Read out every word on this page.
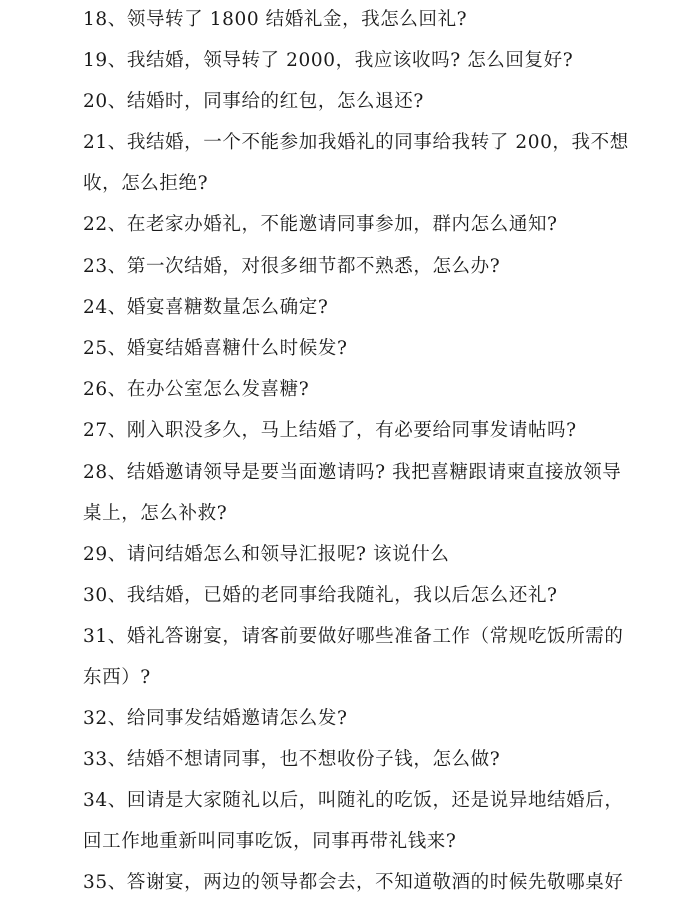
18、领导转了 1800 结婚礼金，我怎么回礼?
19、我结婚，领导转了 2000，我应该收吗? 怎么回复好?
20、结婚时，同事给的红包，怎么退还?
21、我结婚，一个不能参加我婚礼的同事给我转了 200，我不想
收，怎么拒绝?
22、在老家办婚礼，不能邀请同事参加，群内怎么通知?
23、第一次结婚，对很多细节都不熟悉，怎么办?
24、婚宴喜糖数量怎么确定?
25、婚宴结婚喜糖什么时候发?
26、在办公室怎么发喜糖?
27、刚入职没多久，马上结婚了，有必要给同事发请帖吗?
28、结婚邀请领导是要当面邀请吗? 我把喜糖跟请柬直接放领导
桌上，怎么补救?
29、请问结婚怎么和领导汇报呢? 该说什么
30、我结婚，已婚的老同事给我随礼，我以后怎么还礼?
31、婚礼答谢宴，请客前要做好哪些准备工作（常规吃饭所需的
东西）?
32、给同事发结婚邀请怎么发?
33、结婚不想请同事，也不想收份子钱，怎么做?
34、回请是大家随礼以后，叫随礼的吃饭，还是说异地结婚后，
回工作地重新叫同事吃饭，同事再带礼钱来?
35、答谢宴，两边的领导都会去，不知道敬酒的时候先敬哪桌好
